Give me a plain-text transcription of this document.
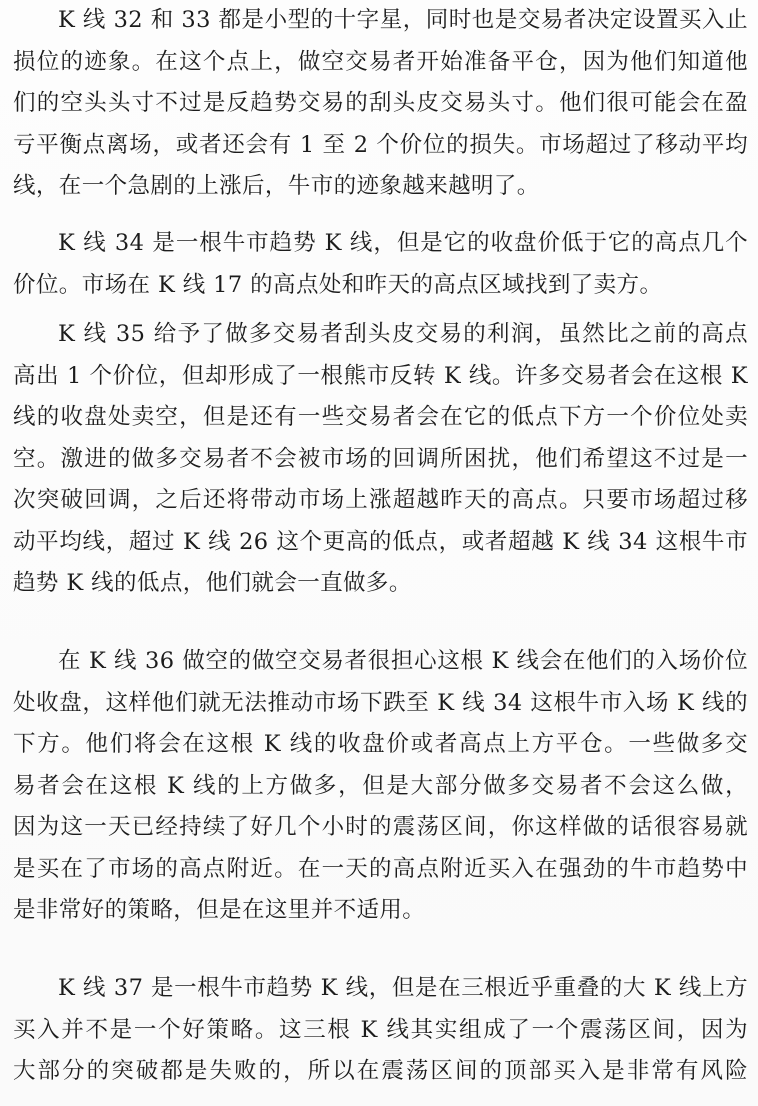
K 线 32 和 33 都是小型的十字星，同时也是交易者决定设置买入止
损位的迹象。在这个点上，做空交易者开始准备平仓，因为他们知道他
们的空头头寸不过是反趋势交易的刮头皮交易头寸。他们很可能会在盈
亏平衡点离场，或者还会有 1 至 2 个价位的损失。市场超过了移动平均
线，在一个急剧的上涨后，牛市的迹象越来越明了。

K 线 34 是一根牛市趋势 K 线，但是它的收盘价低于它的高点几个
价位。市场在 K 线 17 的高点处和昨天的高点区域找到了卖方。

K 线 35 给予了做多交易者刮头皮交易的利润，虽然比之前的高点
高出 1 个价位，但却形成了一根熊市反转 K 线。许多交易者会在这根 K
线的收盘处卖空，但是还有一些交易者会在它的低点下方一个价位处卖
空。激进的做多交易者不会被市场的回调所困扰，他们希望这不过是一
次突破回调，之后还将带动市场上涨超越昨天的高点。只要市场超过移
动平均线，超过 K 线 26 这个更高的低点，或者超越 K 线 34 这根牛市
趋势 K 线的低点，他们就会一直做多。

在 K 线 36 做空的做空交易者很担心这根 K 线会在他们的入场价位
处收盘，这样他们就无法推动市场下跌至 K 线 34 这根牛市入场 K 线的
下方。他们将会在这根 K 线的收盘价或者高点上方平仓。一些做多交
易者会在这根 K 线的上方做多，但是大部分做多交易者不会这么做，
因为这一天已经持续了好几个小时的震荡区间，你这样做的话很容易就
是买在了市场的高点附近。在一天的高点附近买入在强劲的牛市趋势中
是非常好的策略，但是在这里并不适用。

K 线 37 是一根牛市趋势 K 线，但是在三根近乎重叠的大 K 线上方
买入并不是一个好策略。这三根 K 线其实组成了一个震荡区间，因为
大部分的突破都是失败的，所以在震荡区间的顶部买入是非常有风险
